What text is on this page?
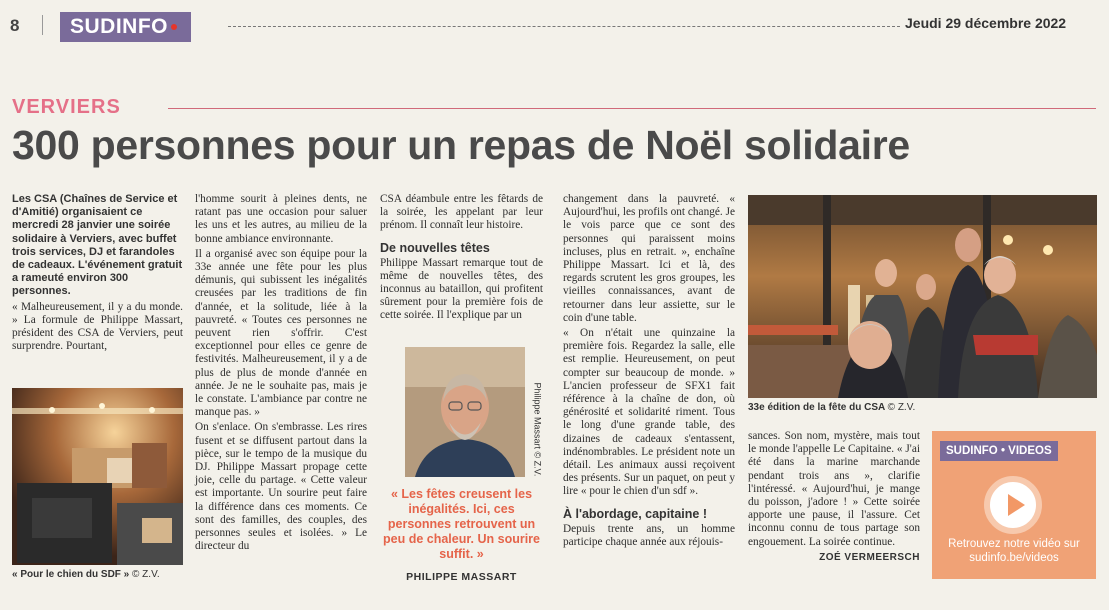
8	SUDINFO	Jeudi 29 décembre 2022
VERVIERS
300 personnes pour un repas de Noël solidaire

Les CSA (Chaînes de Service et d'Amitié) organisaient ce mercredi 28 janvier une soirée solidaire à Verviers, avec buffet trois services, DJ et farandoles de cadeaux. L'événement gratuit a rameuté environ 300 personnes.

« Malheureusement, il y a du monde. » La formule de Philippe Massart, président des CSA de Verviers, peut surprendre. Pourtant,

« Pour le chien du SDF » © Z.V.

l'homme sourit à pleines dents, ne ratant pas une occasion pour saluer les uns et les autres, au milieu de la bonne ambiance environnante.

Il a organisé avec son équipe pour la 33e année une fête pour les plus démunis, qui subissent les inégalités creusées par les traditions de fin d'année, et la solitude, liée à la pauvreté. « Toutes ces personnes ne peuvent rien s'offrir. C'est exceptionnel pour elles ce genre de festivités. Malheureusement, il y a de plus de plus de monde d'année en année. Je ne le souhaite pas, mais je le constate. L'ambiance par contre ne manque pas. »

On s'enlace. On s'embrasse. Les rires fusent et se diffusent partout dans la pièce, sur le tempo de la musique du DJ. Philippe Massart propage cette joie, celle du partage. « Cette valeur est importante. Un sourire peut faire la différence dans ces moments. Ce sont des familles, des couples, des personnes seules et isolées. » Le directeur du

CSA déambule entre les fêtards de la soirée, les appelant par leur prénom. Il connaît leur histoire.

De nouvelles têtes

Philippe Massart remarque tout de même de nouvelles têtes, des inconnus au bataillon, qui profitent sûrement pour la première fois de cette soirée. Il l'explique par un

Philippe Massart © Z.V.
« Les fêtes creusent les inégalités. Ici, ces personnes retrouvent un peu de chaleur. Un sourire suffit. »
PHILIPPE MASSART

changement dans la pauvreté. « Aujourd'hui, les profils ont changé. Je le vois parce que ce sont des personnes qui paraissent moins incluses, plus en retrait. », enchaîne Philippe Massart. Ici et là, des regards scrutent les gros groupes, les vieilles connaissances, avant de retourner dans leur assiette, sur le coin d'une table.

« On n'était une quinzaine la première fois. Regardez la salle, elle est remplie. Heureusement, on peut compter sur beaucoup de monde. » L'ancien professeur de SFX1 fait référence à la chaîne de don, où générosité et solidarité riment. Tous le long d'une grande table, des dizaines de cadeaux s'entassent, indénombrables. Le président note un détail. Les animaux aussi reçoivent des présents. Sur un paquet, on peut y lire « pour le chien d'un sdf ».

À l'abordage, capitaine !

Depuis trente ans, un homme participe chaque année aux réjouis-

33e édition de la fête du CSA © Z.V.

sances. Son nom, mystère, mais tout le monde l'appelle Le Capitaine. « J'ai été dans la marine marchande pendant trois ans », clarifie l'intéressé. « Aujourd'hui, je mange du poisson, j'adore ! » Cette soirée apporte une pause, il l'assure. Cet inconnu connu de tous partage son engouement. La soirée continue.

ZOÉ VERMEERSCH

SUDINFO • VIDEOS
Retrouvez notre vidéo sur sudinfo.be/videos
